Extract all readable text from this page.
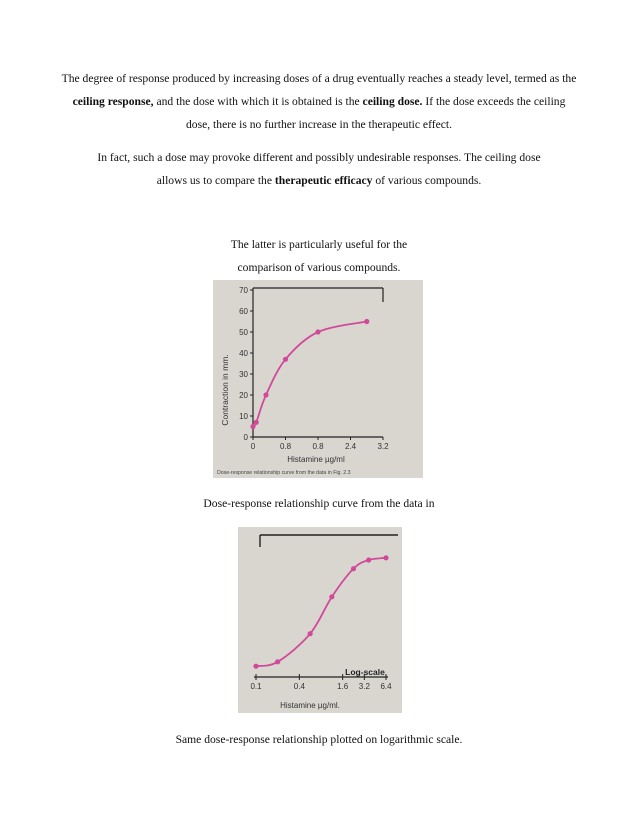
The degree of response produced by increasing doses of a drug eventually reaches a steady level, termed as the ceiling response, and the dose with which it is obtained is the ceiling dose. If the dose exceeds the ceiling dose, there is no further increase in the therapeutic effect.

In fact, such a dose may provoke different and possibly undesirable responses. The ceiling dose allows us to compare the therapeutic efficacy of various compounds.

The latter is particularly useful for the comparison of various compounds.

Contraction in mm.
Histamine µg/ml
Dose-response relationship curve from the data in Fig. 2.3
0
10
20
30
40
50
60
70
0	0.8	0.8	2.4	3.2

Dose-response relationship curve from the data in

Log-scale
Histamine µg/ml.
0.1	0.4	1.6 3.2 6.4

Same dose-response relationship plotted on logarithmic scale.
